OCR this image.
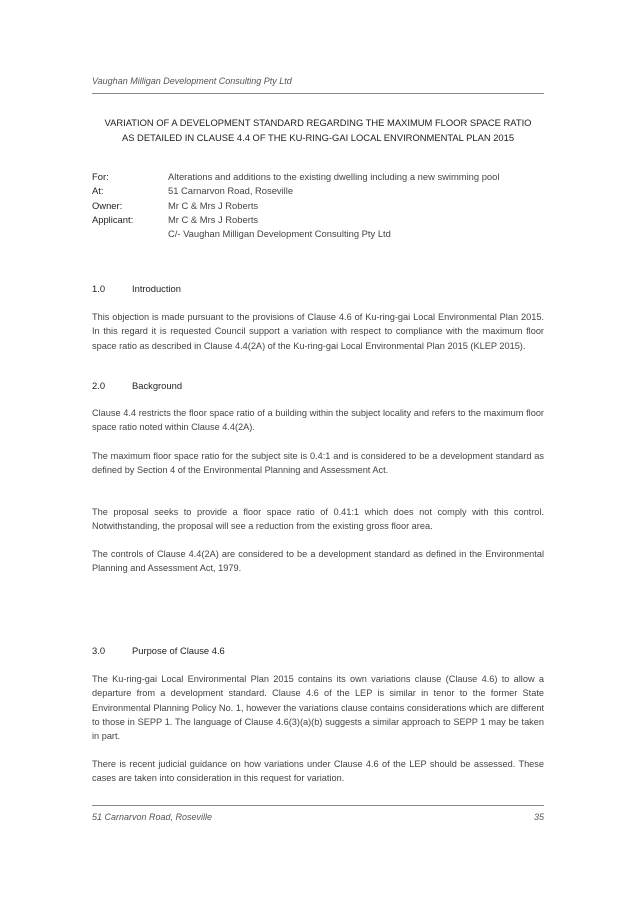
Vaughan Milligan Development Consulting Pty Ltd
VARIATION OF A DEVELOPMENT STANDARD REGARDING THE MAXIMUM FLOOR SPACE RATIO
AS DETAILED IN CLAUSE 4.4 OF THE KU-RING-GAI LOCAL ENVIRONMENTAL PLAN 2015
For:	Alterations and additions to the existing dwelling including a new swimming pool
At:	51 Carnarvon Road, Roseville
Owner:	Mr C & Mrs J Roberts
Applicant:	Mr C & Mrs J Roberts
C/- Vaughan Milligan Development Consulting Pty Ltd
1.0	Introduction
This objection is made pursuant to the provisions of Clause 4.6 of Ku-ring-gai Local Environmental Plan 2015. In this regard it is requested Council support a variation with respect to compliance with the maximum floor space ratio as described in Clause 4.4(2A) of the Ku-ring-gai Local Environmental Plan 2015 (KLEP 2015).
2.0	Background
Clause 4.4 restricts the floor space ratio of a building within the subject locality and refers to the maximum floor space ratio noted within Clause 4.4(2A).
The maximum floor space ratio for the subject site is 0.4:1 and is considered to be a development standard as defined by Section 4 of the Environmental Planning and Assessment Act.
The proposal seeks to provide a floor space ratio of 0.41:1 which does not comply with this control. Notwithstanding, the proposal will see a reduction from the existing gross floor area.
The controls of Clause 4.4(2A) are considered to be a development standard as defined in the Environmental Planning and Assessment Act, 1979.
3.0	Purpose of Clause 4.6
The Ku-ring-gai Local Environmental Plan 2015 contains its own variations clause (Clause 4.6) to allow a departure from a development standard. Clause 4.6 of the LEP is similar in tenor to the former State Environmental Planning Policy No. 1, however the variations clause contains considerations which are different to those in SEPP 1. The language of Clause 4.6(3)(a)(b) suggests a similar approach to SEPP 1 may be taken in part.
There is recent judicial guidance on how variations under Clause 4.6 of the LEP should be assessed. These cases are taken into consideration in this request for variation.
51 Carnarvon Road, Roseville	35
